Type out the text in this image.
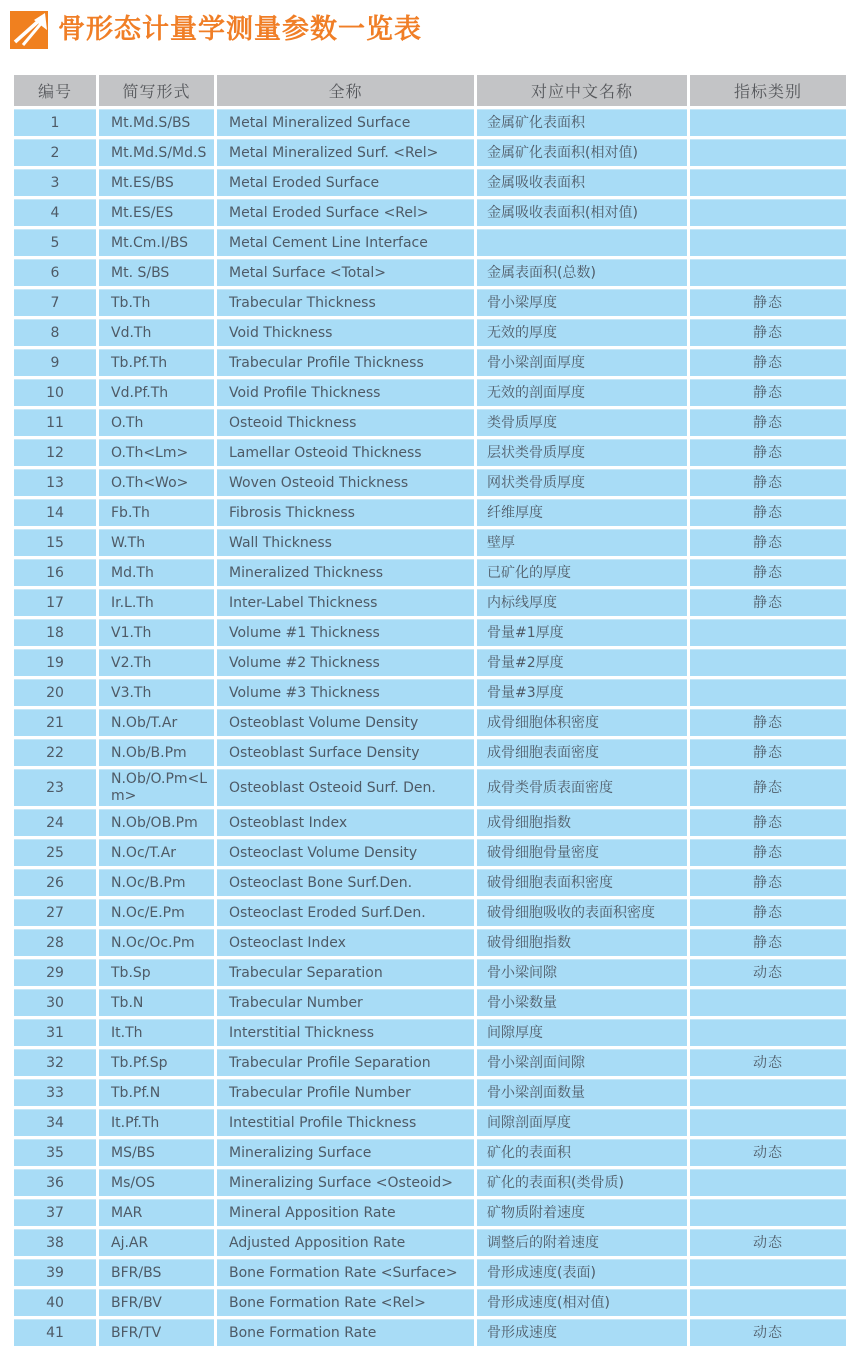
骨形态计量学测量参数一览表
编号	简写形式	全称	对应中文名称	指标类别
1	Mt.Md.S/BS	Metal Mineralized Surface	金属矿化表面积	
2	Mt.Md.S/Md.S	Metal Mineralized Surf. <Rel>	金属矿化表面积(相对值)	
3	Mt.ES/BS	Metal Eroded Surface	金属吸收表面积	
4	Mt.ES/ES	Metal Eroded Surface <Rel>	金属吸收表面积(相对值)	
5	Mt.Cm.I/BS	Metal Cement Line Interface		
6	Mt. S/BS	Metal Surface <Total>	金属表面积(总数)	
7	Tb.Th	Trabecular Thickness	骨小梁厚度	静态
8	Vd.Th	Void Thickness	无效的厚度	静态
9	Tb.Pf.Th	Trabecular Profile Thickness	骨小梁剖面厚度	静态
10	Vd.Pf.Th	Void Profile Thickness	无效的剖面厚度	静态
11	O.Th	Osteoid Thickness	类骨质厚度	静态
12	O.Th<Lm>	Lamellar Osteoid Thickness	层状类骨质厚度	静态
13	O.Th<Wo>	Woven Osteoid Thickness	网状类骨质厚度	静态
14	Fb.Th	Fibrosis Thickness	纤维厚度	静态
15	W.Th	Wall Thickness	壁厚	静态
16	Md.Th	Mineralized Thickness	已矿化的厚度	静态
17	Ir.L.Th	Inter-Label Thickness	内标线厚度	静态
18	V1.Th	Volume #1 Thickness	骨量#1厚度	
19	V2.Th	Volume #2 Thickness	骨量#2厚度	
20	V3.Th	Volume #3 Thickness	骨量#3厚度	
21	N.Ob/T.Ar	Osteoblast Volume Density	成骨细胞体积密度	静态
22	N.Ob/B.Pm	Osteoblast Surface Density	成骨细胞表面密度	静态
23	N.Ob/O.Pm<Lm>	Osteoblast Osteoid Surf. Den.	成骨类骨质表面密度	静态
24	N.Ob/OB.Pm	Osteoblast Index	成骨细胞指数	静态
25	N.Oc/T.Ar	Osteoclast Volume Density	破骨细胞骨量密度	静态
26	N.Oc/B.Pm	Osteoclast Bone Surf.Den.	破骨细胞表面积密度	静态
27	N.Oc/E.Pm	Osteoclast Eroded Surf.Den.	破骨细胞吸收的表面积密度	静态
28	N.Oc/Oc.Pm	Osteoclast Index	破骨细胞指数	静态
29	Tb.Sp	Trabecular Separation	骨小梁间隙	动态
30	Tb.N	Trabecular Number	骨小梁数量	
31	It.Th	Interstitial Thickness	间隙厚度	
32	Tb.Pf.Sp	Trabecular Profile Separation	骨小梁剖面间隙	动态
33	Tb.Pf.N	Trabecular Profile Number	骨小梁剖面数量	
34	It.Pf.Th	Intestitial Profile Thickness	间隙剖面厚度	
35	MS/BS	Mineralizing Surface	矿化的表面积	动态
36	Ms/OS	Mineralizing Surface <Osteoid>	矿化的表面积(类骨质)	
37	MAR	Mineral Apposition Rate	矿物质附着速度	
38	Aj.AR	Adjusted Apposition Rate	调整后的附着速度	动态
39	BFR/BS	Bone Formation Rate <Surface>	骨形成速度(表面)	
40	BFR/BV	Bone Formation Rate <Rel>	骨形成速度(相对值)	
41	BFR/TV	Bone Formation Rate	骨形成速度	动态
